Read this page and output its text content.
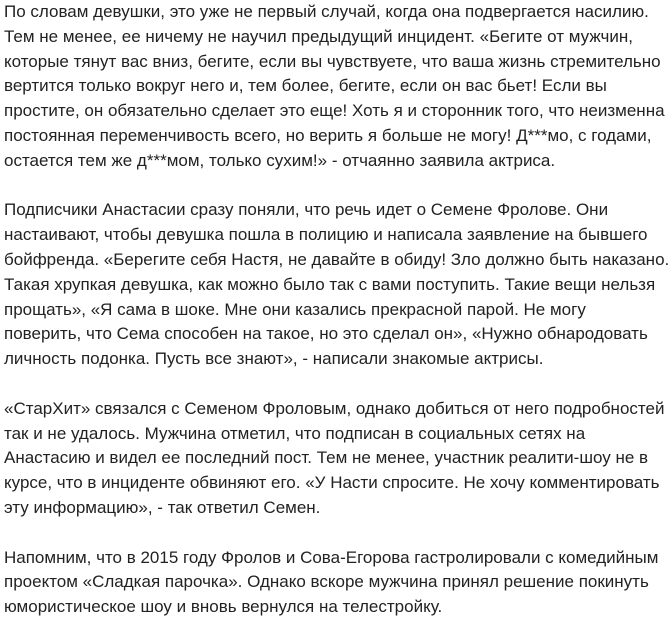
По словам девушки, это уже не первый случай, когда она подвергается насилию.
Тем не менее, ее ничему не научил предыдущий инцидент. «Бегите от мужчин,
которые тянут вас вниз, бегите, если вы чувствуете, что ваша жизнь стремительно
вертится только вокруг него и, тем более, бегите, если он вас бьет! Если вы
простите, он обязательно сделает это еще! Хоть я и сторонник того, что неизменна
постоянная переменчивость всего, но верить я больше не могу! Д***мо, с годами,
остается тем же д***мом, только сухим!» - отчаянно заявила актриса.

Подписчики Анастасии сразу поняли, что речь идет о Семене Фролове. Они
настаивают, чтобы девушка пошла в полицию и написала заявление на бывшего
бойфренда. «Берегите себя Настя, не давайте в обиду! Зло должно быть наказано.
Такая хрупкая девушка, как можно было так с вами поступить. Такие вещи нельзя
прощать», «Я сама в шоке. Мне они казались прекрасной парой. Не могу
поверить, что Сема способен на такое, но это сделал он», «Нужно обнародовать
личность подонка. Пусть все знают», - написали знакомые актрисы.

«СтарХит» связался с Семеном Фроловым, однако добиться от него подробностей
так и не удалось. Мужчина отметил, что подписан в социальных сетях на
Анастасию и видел ее последний пост. Тем не менее, участник реалити-шоу не в
курсе, что в инциденте обвиняют его. «У Насти спросите. Не хочу комментировать
эту информацию», - так ответил Семен.

Напомним, что в 2015 году Фролов и Сова-Егорова гастролировали с комедийным
проектом «Сладкая парочка». Однако вскоре мужчина принял решение покинуть
юмористическое шоу и вновь вернулся на телестройку.
